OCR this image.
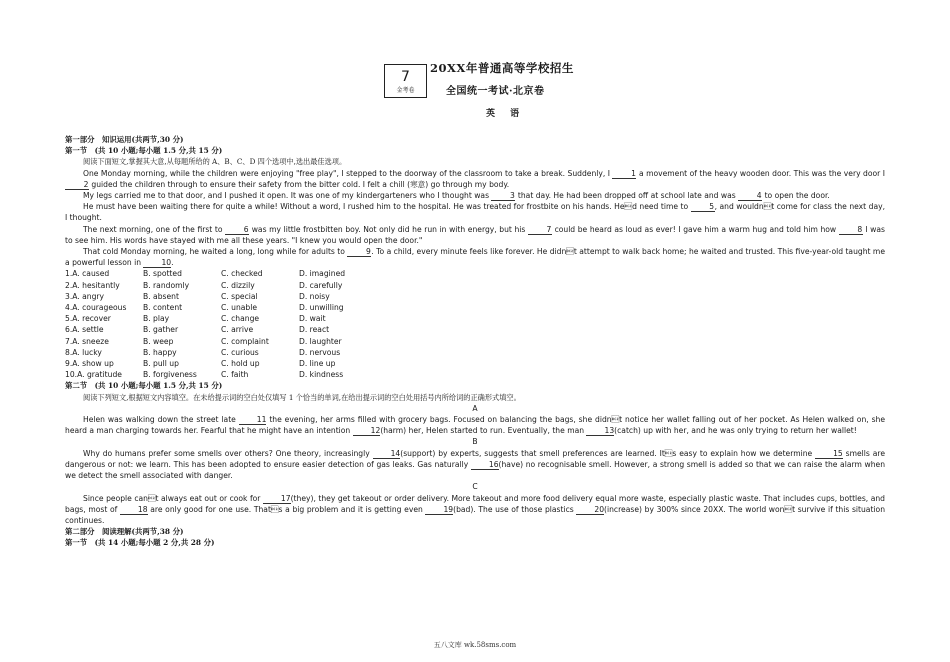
7
金考卷
20XX年普通高等学校招生
全国统一考试·北京卷
英 语

第一部分　知识运用(共两节,30 分)

第一节　(共 10 小题;每小题 1.5 分,共 15 分)

阅读下面短文,掌握其大意,从每题所给的 A、B、C、D 四个选项中,选出最佳选项。

One Monday morning, while the children were enjoying "free play", I stepped to the doorway of the classroom to take a break. Suddenly, I 1 a movement of the heavy wooden door. This was the very door I 2 guided the children through to ensure their safety from the bitter cold. I felt a chill (寒意) go through my body.

My legs carried me to that door, and I pushed it open. It was one of my kindergarteners who I thought was 3 that day. He had been dropped off at school late and was 4 to open the door.

He must have been waiting there for quite a while! Without a word, I rushed him to the hospital. He was treated for frostbite on his hands. Hed need time to 5, and wouldnt come for class the next day, I thought.

The next morning, one of the first to 6 was my little frostbitten boy. Not only did he run in with energy, but his 7 could be heard as loud as ever! I gave him a warm hug and told him how 8 I was to see him. His words have stayed with me all these years. "I knew you would open the door."

That cold Monday morning, he waited a long, long while for adults to 9. To a child, every minute feels like forever. He didnt attempt to walk back home; he waited and trusted. This five-year-old taught me a powerful lesson in 10.

1.A. caused	B. spotted	C. checked	D. imagined
2.A. hesitantly	B. randomly	C. dizzily	D. carefully
3.A. angry	B. absent	C. special	D. noisy
4.A. courageous	B. content	C. unable	D. unwilling
5.A. recover	B. play	C. change	D. wait
6.A. settle	B. gather	C. arrive	D. react
7.A. sneeze	B. weep	C. complaint	D. laughter
8.A. lucky	B. happy	C. curious	D. nervous
9.A. show up	B. pull up	C. hold up	D. line up
10.A. gratitude	B. forgiveness	C. faith	D. kindness

第二节　(共 10 小题;每小题 1.5 分,共 15 分)

阅读下列短文,根据短文内容填空。在未给提示词的空白处仅填写 1 个恰当的单词,在给出提示词的空白处用括号内所给词的正确形式填空。

A

Helen was walking down the street late 11 the evening, her arms filled with grocery bags. Focused on balancing the bags, she didnt notice her wallet falling out of her pocket. As Helen walked on, she heard a man charging towards her. Fearful that he might have an intention 12(harm) her, Helen started to run. Eventually, the man 13(catch) up with her, and he was only trying to return her wallet!

B

Why do humans prefer some smells over others? One theory, increasingly 14(support) by experts, suggests that smell preferences are learned. Its easy to explain how we determine 15 smells are dangerous or not: we learn. This has been adopted to ensure easier detection of gas leaks. Gas naturally 16(have) no recognisable smell. However, a strong smell is added so that we can raise the alarm when we detect the smell associated with danger.

C

Since people cant always eat out or cook for 17(they), they get takeout or order delivery. More takeout and more food delivery equal more waste, especially plastic waste. That includes cups, bottles, and bags, most of 18 are only good for one use. Thats a big problem and it is getting even 19(bad). The use of those plastics 20(increase) by 300% since 20XX. The world wont survive if this situation continues.

第二部分　阅读理解(共两节,38 分)

第一节　(共 14 小题;每小题 2 分,共 28 分)

五八文库 wk.58sms.com
